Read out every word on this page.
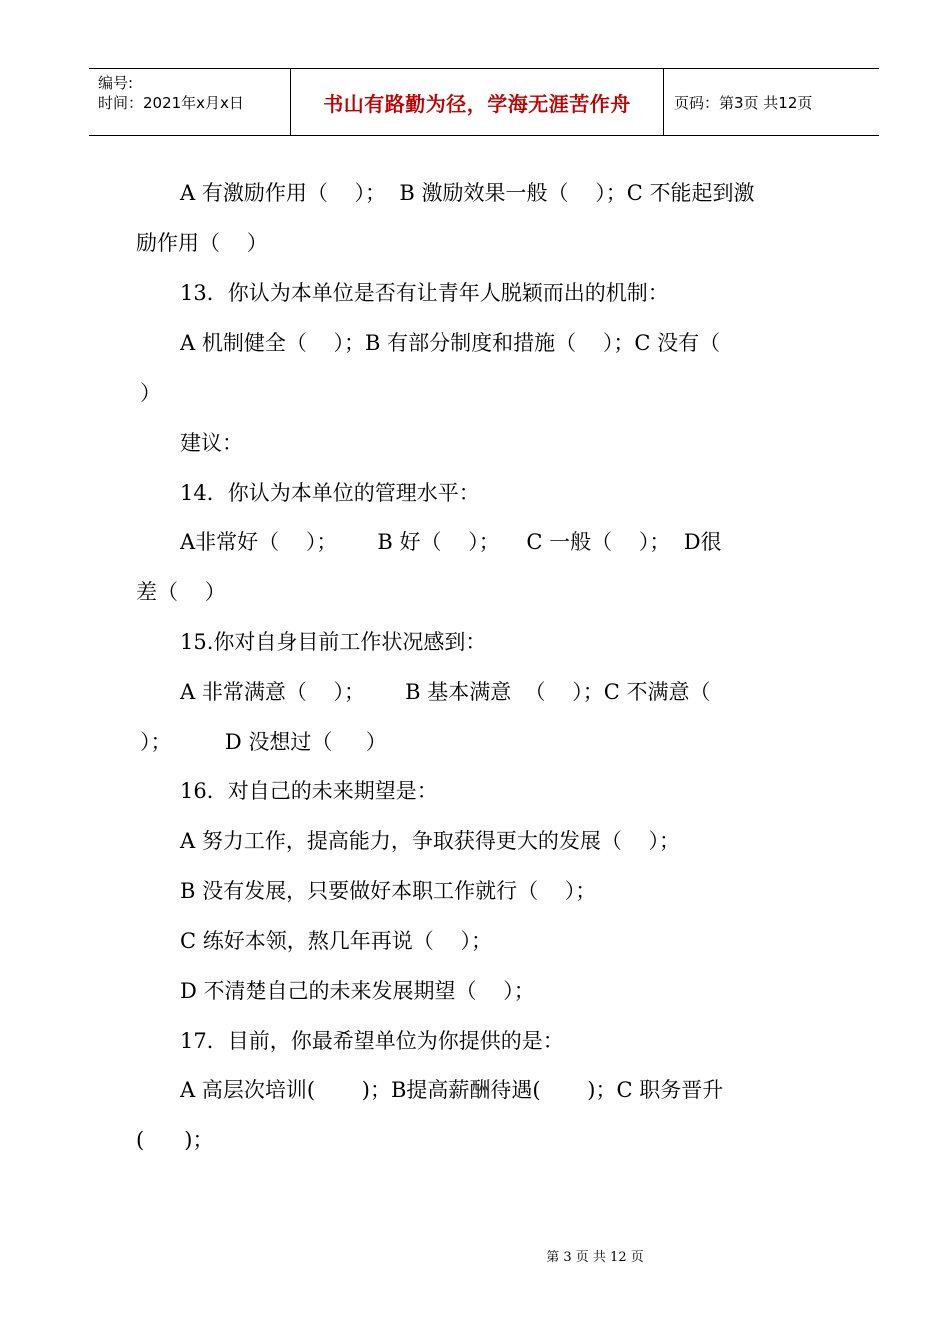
编号:
时间：2021年x月x日	书山有路勤为径，学海无涯苦作舟	页码：第3页 共12页
A 有激励作用（    ）；  B 激励效果一般（    ）；C 不能起到激
励作用（    ）
13．你认为本单位是否有让青年人脱颖而出的机制：
A 机制健全（    ）；B 有部分制度和措施（    ）；C 没有（
）
建议：
14．你认为本单位的管理水平：
A非常好（    ）；      B 好（    ）；    C 一般（    ）；  D很
差（    ）
15.你对自身目前工作状况感到：
A 非常满意（    ）；      B 基本满意  （    ）；C 不满意（
）；        D 没想过（     ）
16．对自己的未来期望是：
A 努力工作，提高能力，争取获得更大的发展（    ）；
B 没有发展，只要做好本职工作就行（    ）；
C 练好本领，熬几年再说（    ）；
D 不清楚自己的未来发展期望（    ）；
17．目前，你最希望单位为你提供的是：
A 高层次培训(       )；B提高薪酬待遇(       )；C 职务晋升
(      )；
第 3 页 共 12 页
